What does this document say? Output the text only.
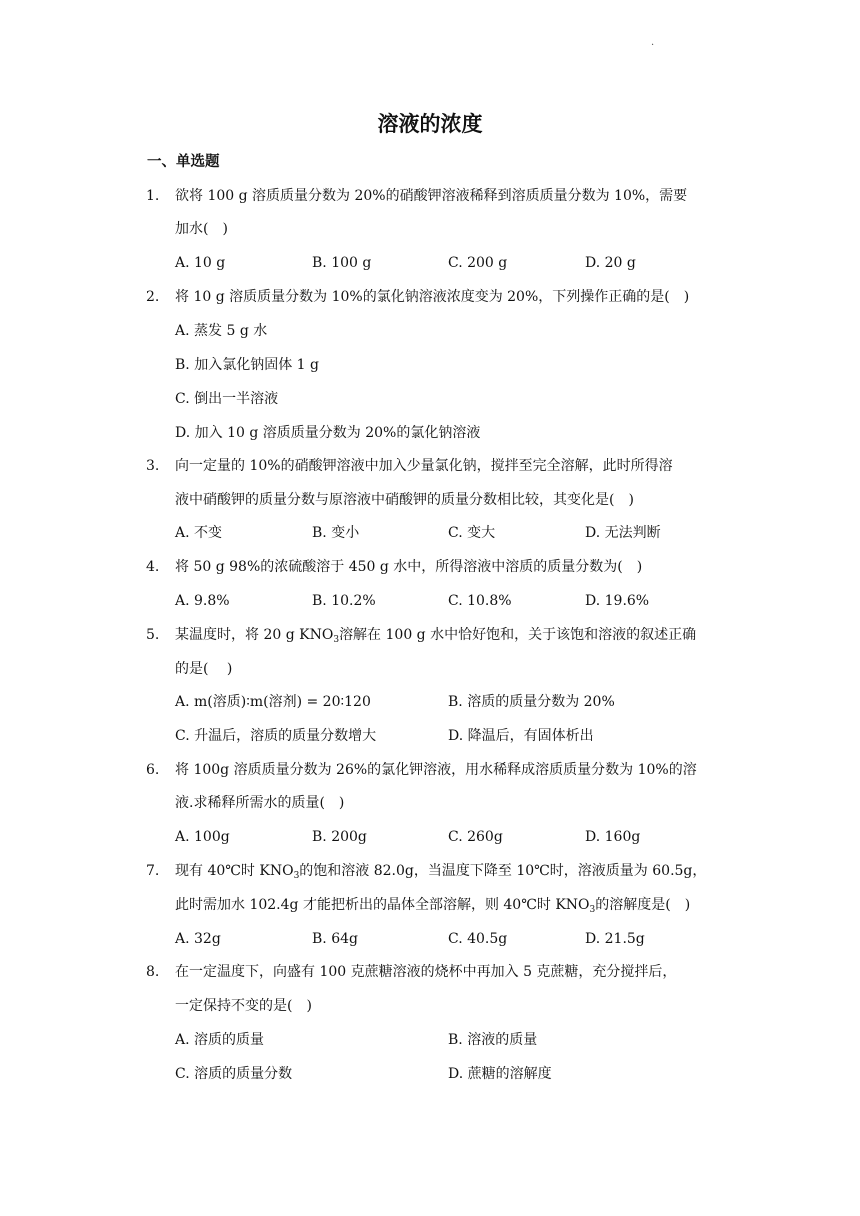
·
溶液的浓度
一、单选题
1. 欲将 100 g 溶质质量分数为 20%的硝酸钾溶液稀释到溶质质量分数为 10%，需要
加水(　)
A. 10 g	B. 100 g	C. 200 g	D. 20 g
2. 将 10 g 溶质质量分数为 10%的氯化钠溶液浓度变为 20%，下列操作正确的是(　)
A. 蒸发 5 g 水
B. 加入氯化钠固体 1 g
C. 倒出一半溶液
D. 加入 10 g 溶质质量分数为 20%的氯化钠溶液
3. 向一定量的 10%的硝酸钾溶液中加入少量氯化钠，搅拌至完全溶解，此时所得溶
液中硝酸钾的质量分数与原溶液中硝酸钾的质量分数相比较，其变化是(　)
A. 不变	B. 变小	C. 变大	D. 无法判断
4. 将 50 g 98%的浓硫酸溶于 450 g 水中，所得溶液中溶质的质量分数为(　)
A. 9.8%	B. 10.2%	C. 10.8%	D. 19.6%
5. 某温度时，将 20 g $KNO_3$溶解在 100 g 水中恰好饱和，关于该饱和溶液的叙述正确
的是(　 )
A. m(溶质)∶m(溶剂) = 20∶120	B. 溶质的质量分数为 20%
C. 升温后，溶质的质量分数增大	D. 降温后，有固体析出
6. 将 100g 溶质质量分数为 26%的氯化钾溶液，用水稀释成溶质质量分数为 10%的溶
液.求稀释所需水的质量(　)
A. 100g	B. 200g	C. 260g	D. 160g
7. 现有 40℃时 $KNO_3$的饱和溶液 82.0g，当温度下降至 10℃时，溶液质量为 60.5g，
此时需加水 102.4g 才能把析出的晶体全部溶解，则 40℃时 $KNO_3$的溶解度是(　)
A. 32g	B. 64g	C. 40.5g	D. 21.5g
8. 在一定温度下，向盛有 100 克蔗糖溶液的烧杯中再加入 5 克蔗糖，充分搅拌后，
一定保持不变的是(　)
A. 溶质的质量	B. 溶液的质量
C. 溶质的质量分数	D. 蔗糖的溶解度
